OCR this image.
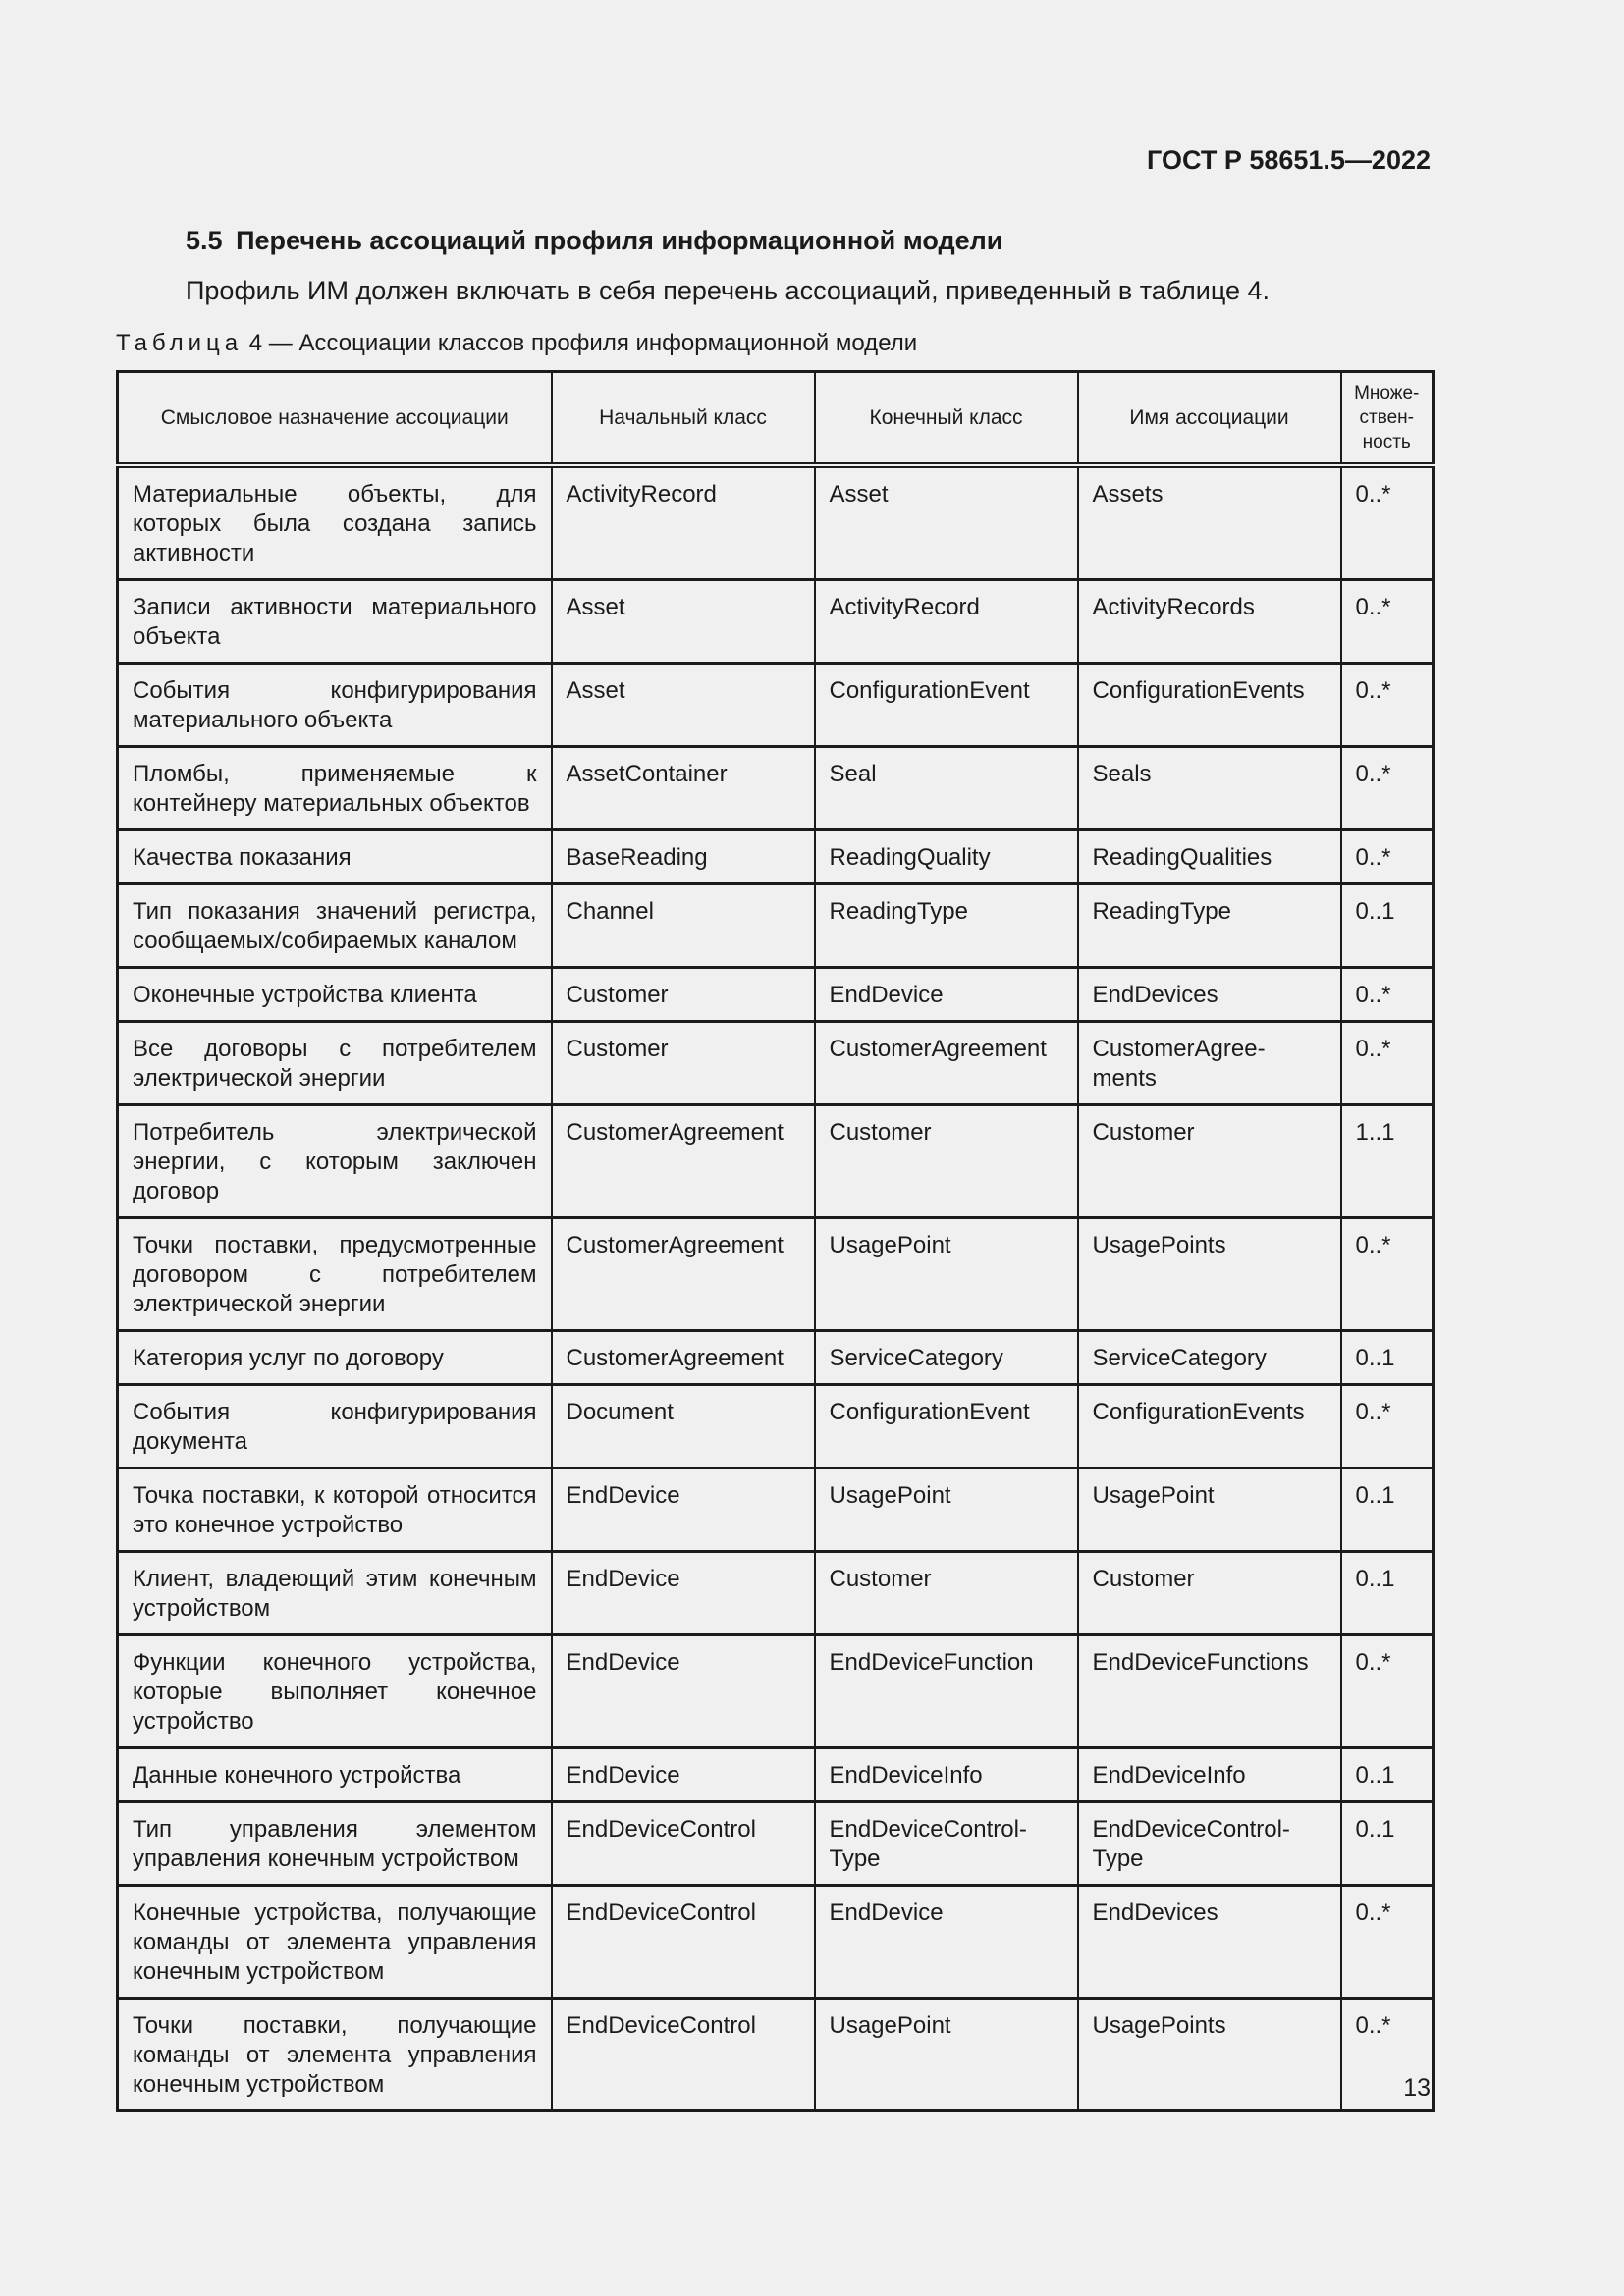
ГОСТ Р 58651.5—2022
5.5 Перечень ассоциаций профиля информационной модели
Профиль ИМ должен включать в себя перечень ассоциаций, приведенный в таблице 4.
Таблица 4 — Ассоциации классов профиля информационной модели
Смысловое назначение ассоциации	Начальный класс	Конечный класс	Имя ассоциации	Множе-ствен-ность
Материальные объекты, для которых была создана запись активности	ActivityRecord	Asset	Assets	0..*
Записи активности материального объекта	Asset	ActivityRecord	ActivityRecords	0..*
События конфигурирования материального объекта	Asset	ConfigurationEvent	ConfigurationEvents	0..*
Пломбы, применяемые к контейнеру материальных объектов	AssetContainer	Seal	Seals	0..*
Качества показания	BaseReading	ReadingQuality	ReadingQualities	0..*
Тип показания значений регистра, сообщаемых/собираемых каналом	Channel	ReadingType	ReadingType	0..1
Оконечные устройства клиента	Customer	EndDevice	EndDevices	0..*
Все договоры с потребителем электрической энергии	Customer	CustomerAgreement	CustomerAgree-ments	0..*
Потребитель электрической энергии, с которым заключен договор	CustomerAgreement	Customer	Customer	1..1
Точки поставки, предусмотренные договором с потребителем электрической энергии	CustomerAgreement	UsagePoint	UsagePoints	0..*
Категория услуг по договору	CustomerAgreement	ServiceCategory	ServiceCategory	0..1
События конфигурирования документа	Document	ConfigurationEvent	ConfigurationEvents	0..*
Точка поставки, к которой относится это конечное устройство	EndDevice	UsagePoint	UsagePoint	0..1
Клиент, владеющий этим конечным устройством	EndDevice	Customer	Customer	0..1
Функции конечного устройства, которые выполняет конечное устройство	EndDevice	EndDeviceFunction	EndDeviceFunctions	0..*
Данные конечного устройства	EndDevice	EndDeviceInfo	EndDeviceInfo	0..1
Тип управления элементом управления конечным устройством	EndDeviceControl	EndDeviceControl-Type	EndDeviceControl-Type	0..1
Конечные устройства, получающие команды от элемента управления конечным устройством	EndDeviceControl	EndDevice	EndDevices	0..*
Точки поставки, получающие команды от элемента управления конечным устройством	EndDeviceControl	UsagePoint	UsagePoints	0..*
13
